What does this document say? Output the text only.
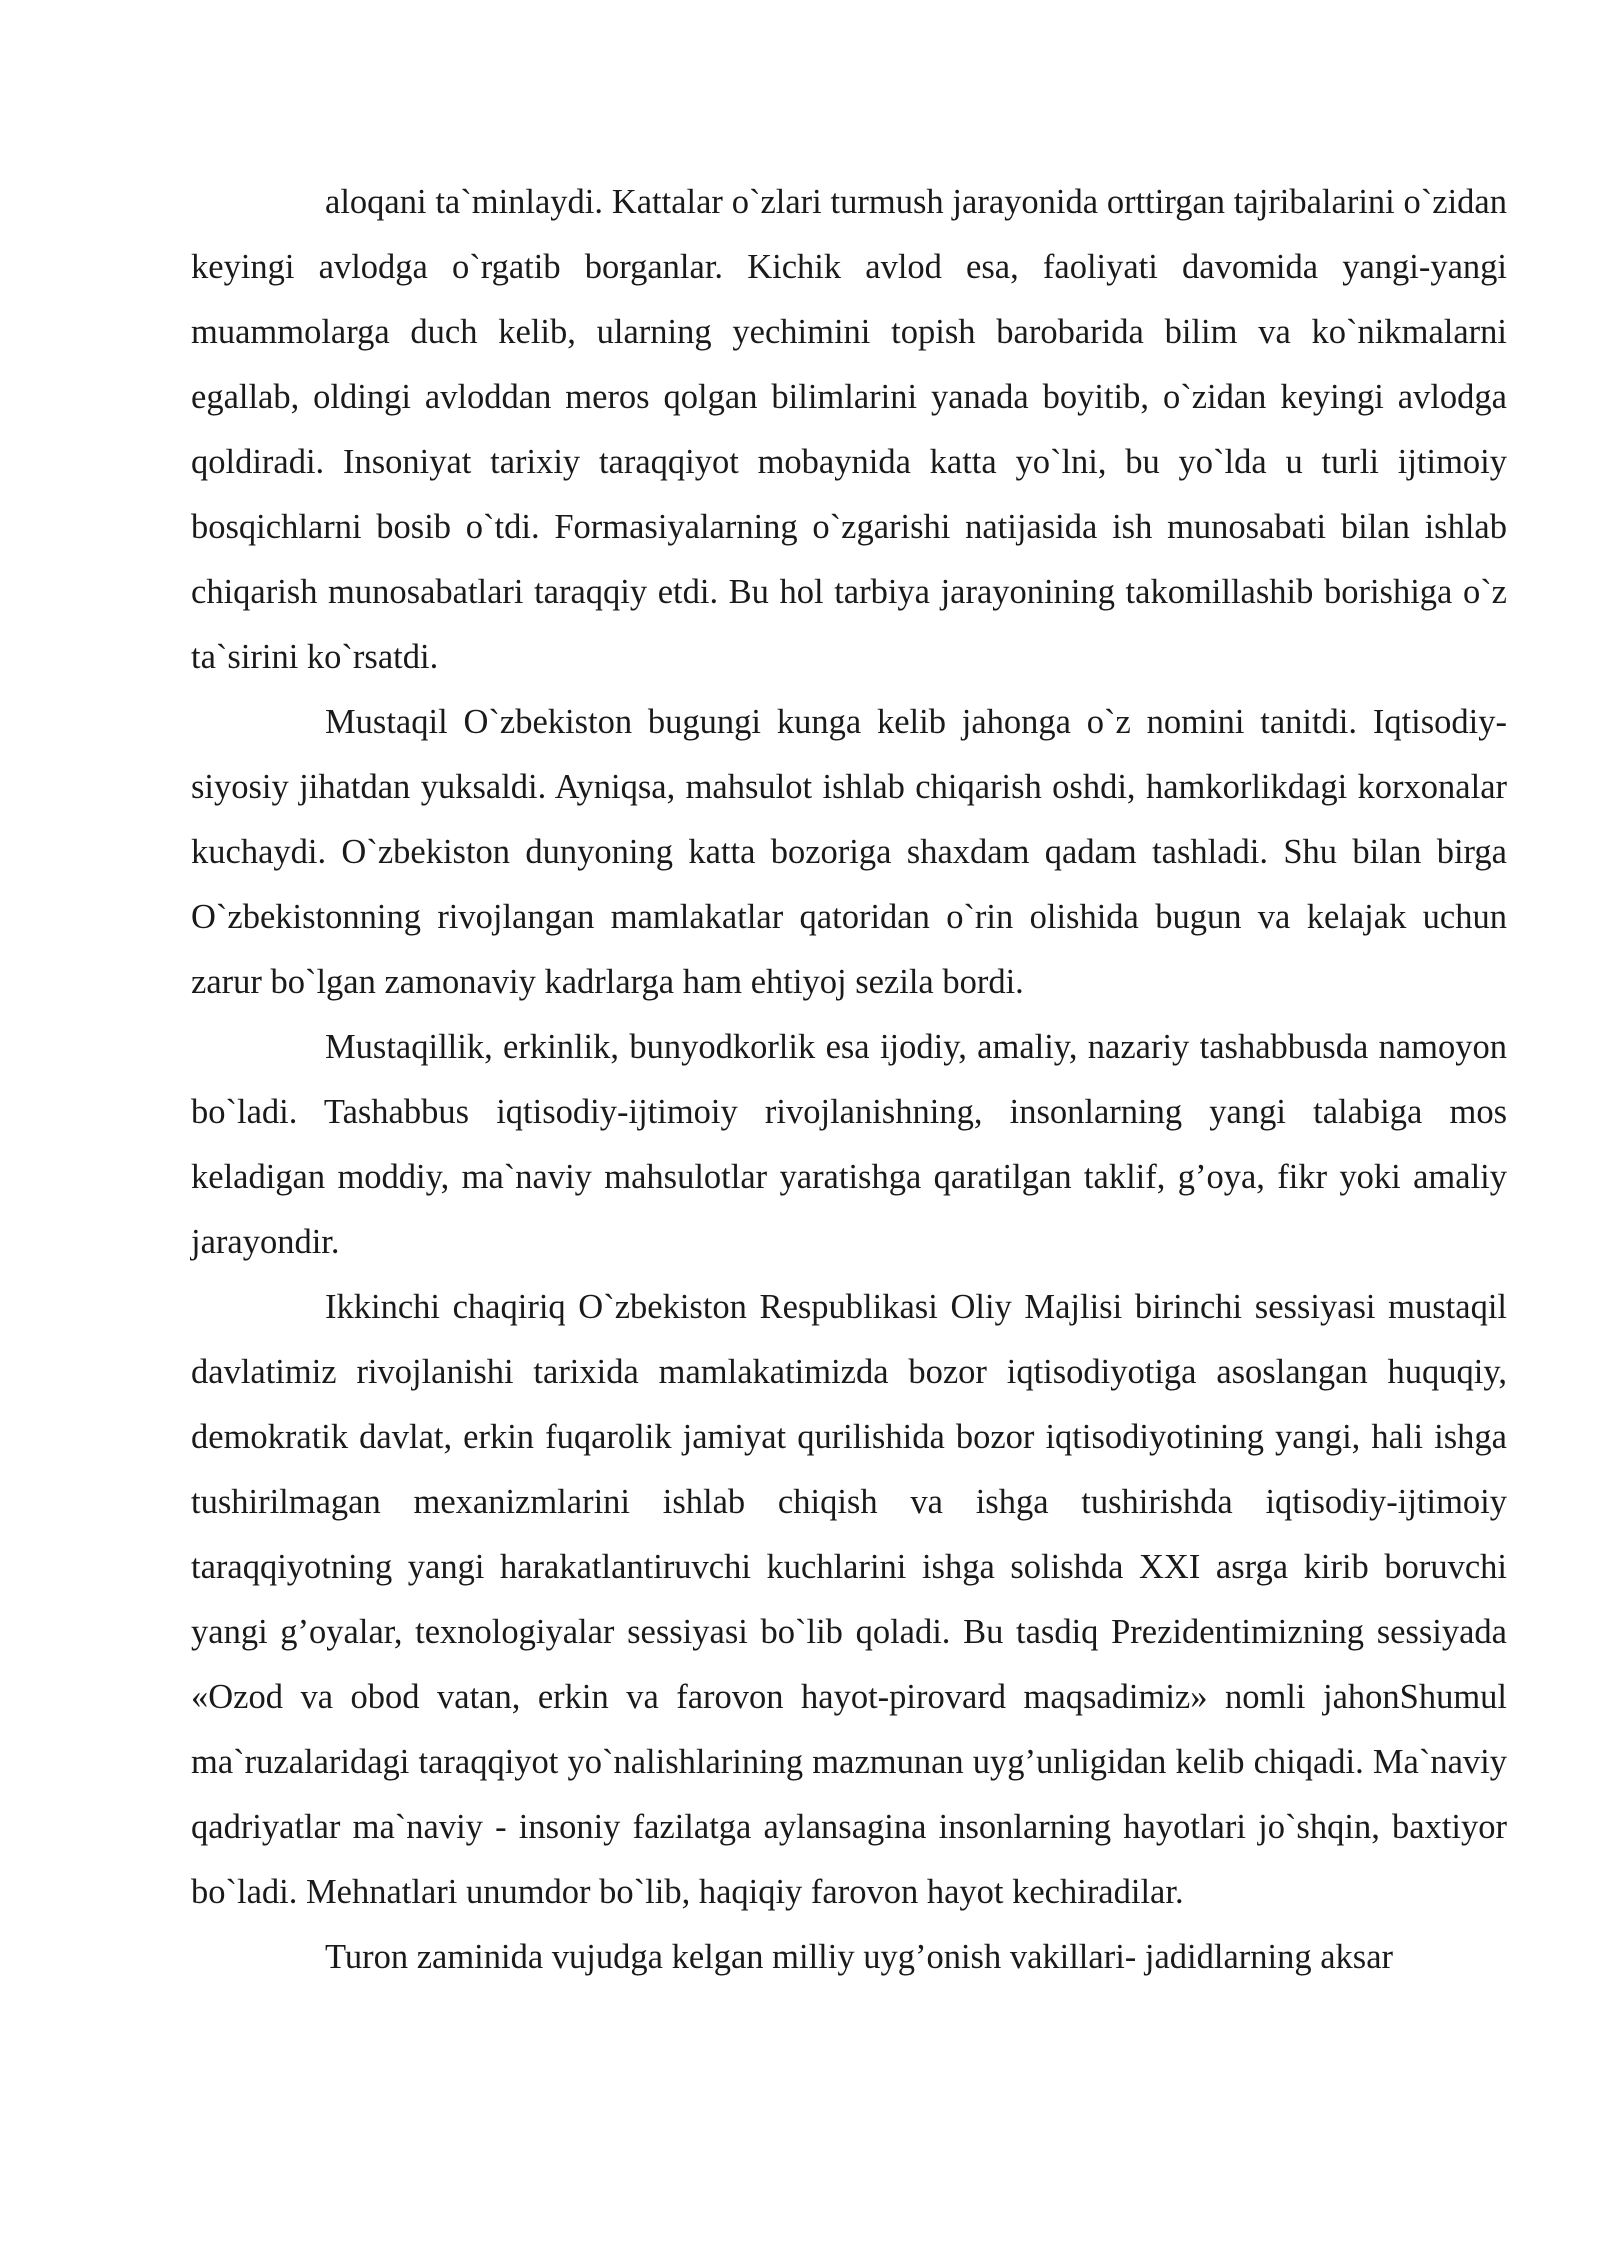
aloqani ta`minlaydi. Kattalar o`zlari turmush jarayonida orttirgan tajribalarini o`zidan keyingi avlodga o`rgatib borganlar. Kichik avlod esa, faoliyati davomida yangi-yangi muammolarga duch kelib, ularning yechimini topish barobarida bilim va ko`nikmalarni egallab, oldingi avloddan meros qolgan bilimlarini yanada boyitib, o`zidan keyingi avlodga qoldiradi. Insoniyat tarixiy taraqqiyot mobaynida katta yo`lni, bu yo`lda u turli ijtimoiy bosqichlarni bosib o`tdi. Formasiyalarning o`zgarishi natijasida ish munosabati bilan ishlab chiqarish munosabatlari taraqqiy etdi. Bu hol tarbiya jarayonining takomillashib borishiga o`z ta`sirini ko`rsatdi.

Mustaqil O`zbekiston bugungi kunga kelib jahonga o`z nomini tanitdi. Iqtisodiy-siyosiy jihatdan yuksaldi. Ayniqsa, mahsulot ishlab chiqarish oshdi, hamkorlikdagi korxonalar kuchaydi. O`zbekiston dunyoning katta bozoriga shaxdam qadam tashladi. Shu bilan birga O`zbekistonning rivojlangan mamlakatlar qatoridan o`rin olishida bugun va kelajak uchun zarur bo`lgan zamonaviy kadrlarga ham ehtiyoj sezila bordi.

Mustaqillik, erkinlik, bunyodkorlik esa ijodiy, amaliy, nazariy tashabbusda namoyon bo`ladi. Tashabbus iqtisodiy-ijtimoiy rivojlanishning, insonlarning yangi talabiga mos keladigan moddiy, ma`naviy mahsulotlar yaratishga qaratilgan taklif, g’oya, fikr yoki amaliy jarayondir.

Ikkinchi chaqiriq O`zbekiston Respublikasi Oliy Majlisi birinchi sessiyasi mustaqil davlatimiz rivojlanishi tarixida mamlakatimizda bozor iqtisodiyotiga asoslangan huquqiy, demokratik davlat, erkin fuqarolik jamiyat qurilishida bozor iqtisodiyotining yangi, hali ishga tushirilmagan mexanizmlarini ishlab chiqish va ishga tushirishda iqtisodiy-ijtimoiy taraqqiyotning yangi harakatlantiruvchi kuchlarini ishga solishda XXI asrga kirib boruvchi yangi g’oyalar, texnologiyalar sessiyasi bo`lib qoladi. Bu tasdiq Prezidentimizning sessiyada «Ozod va obod vatan, erkin va farovon hayot-pirovard maqsadimiz» nomli jahonShumul ma`ruzalaridagi taraqqiyot yo`nalishlarining mazmunan uyg’unligidan kelib chiqadi. Ma`naviy qadriyatlar ma`naviy - insoniy fazilatga aylansagina insonlarning hayotlari jo`shqin, baxtiyor bo`ladi. Mehnatlari unumdor bo`lib, haqiqiy farovon hayot kechiradilar.

Turon zaminida vujudga kelgan milliy uyg’onish vakillari- jadidlarning aksar
